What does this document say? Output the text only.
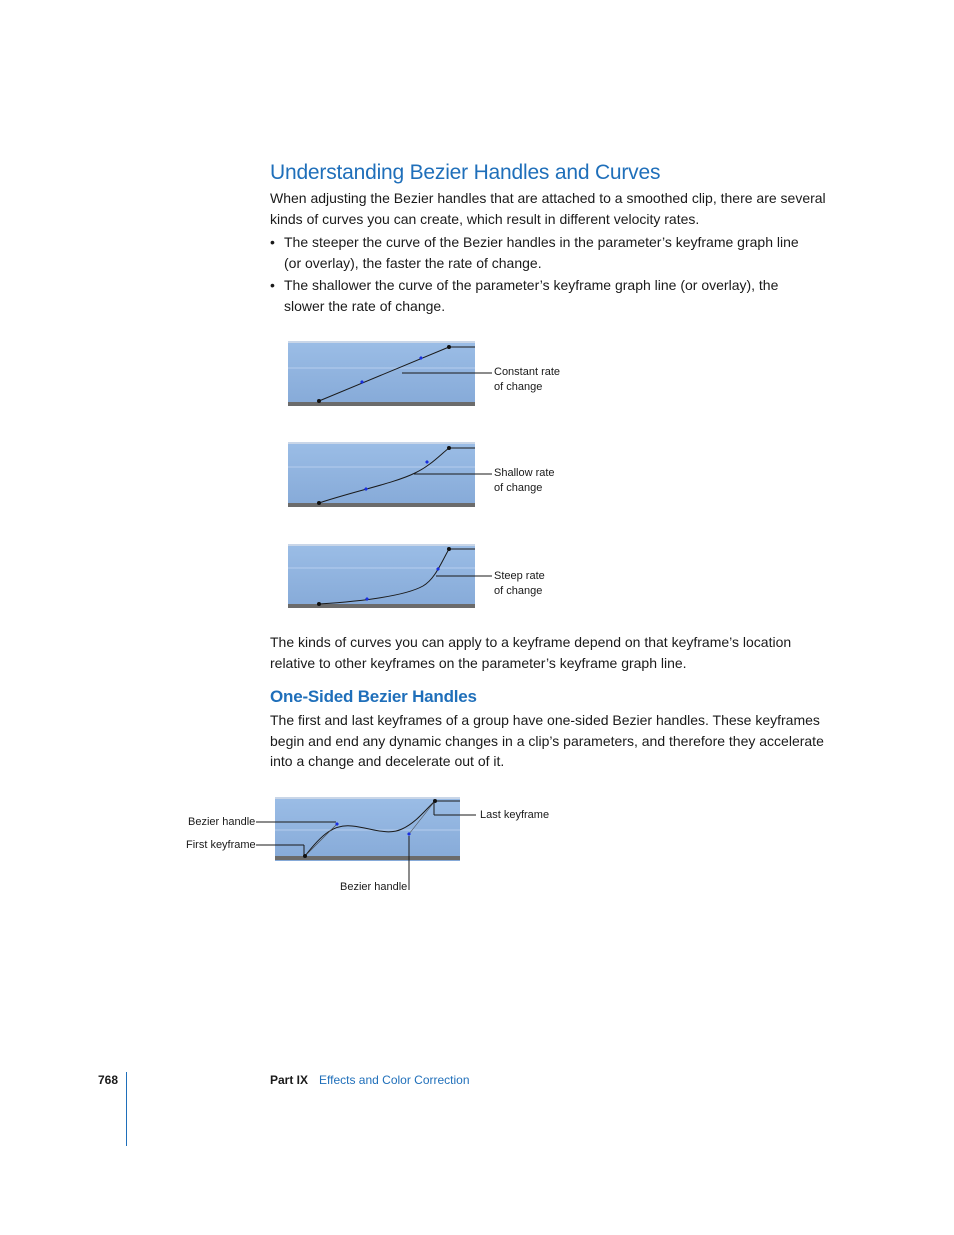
Understanding Bezier Handles and Curves
When adjusting the Bezier handles that are attached to a smoothed clip, there are several kinds of curves you can create, which result in different velocity rates.
• The steeper the curve of the Bezier handles in the parameter’s keyframe graph line (or overlay), the faster the rate of change.
• The shallower the curve of the parameter’s keyframe graph line (or overlay), the slower the rate of change.
Constant rate
of change
Shallow rate
of change
Steep rate
of change
The kinds of curves you can apply to a keyframe depend on that keyframe’s location relative to other keyframes on the parameter’s keyframe graph line.
One-Sided Bezier Handles
The first and last keyframes of a group have one-sided Bezier handles. These keyframes begin and end any dynamic changes in a clip’s parameters, and therefore they accelerate into a change and decelerate out of it.
Bezier handle
First keyframe
Last keyframe
Bezier handle
768	Part IX Effects and Color Correction
